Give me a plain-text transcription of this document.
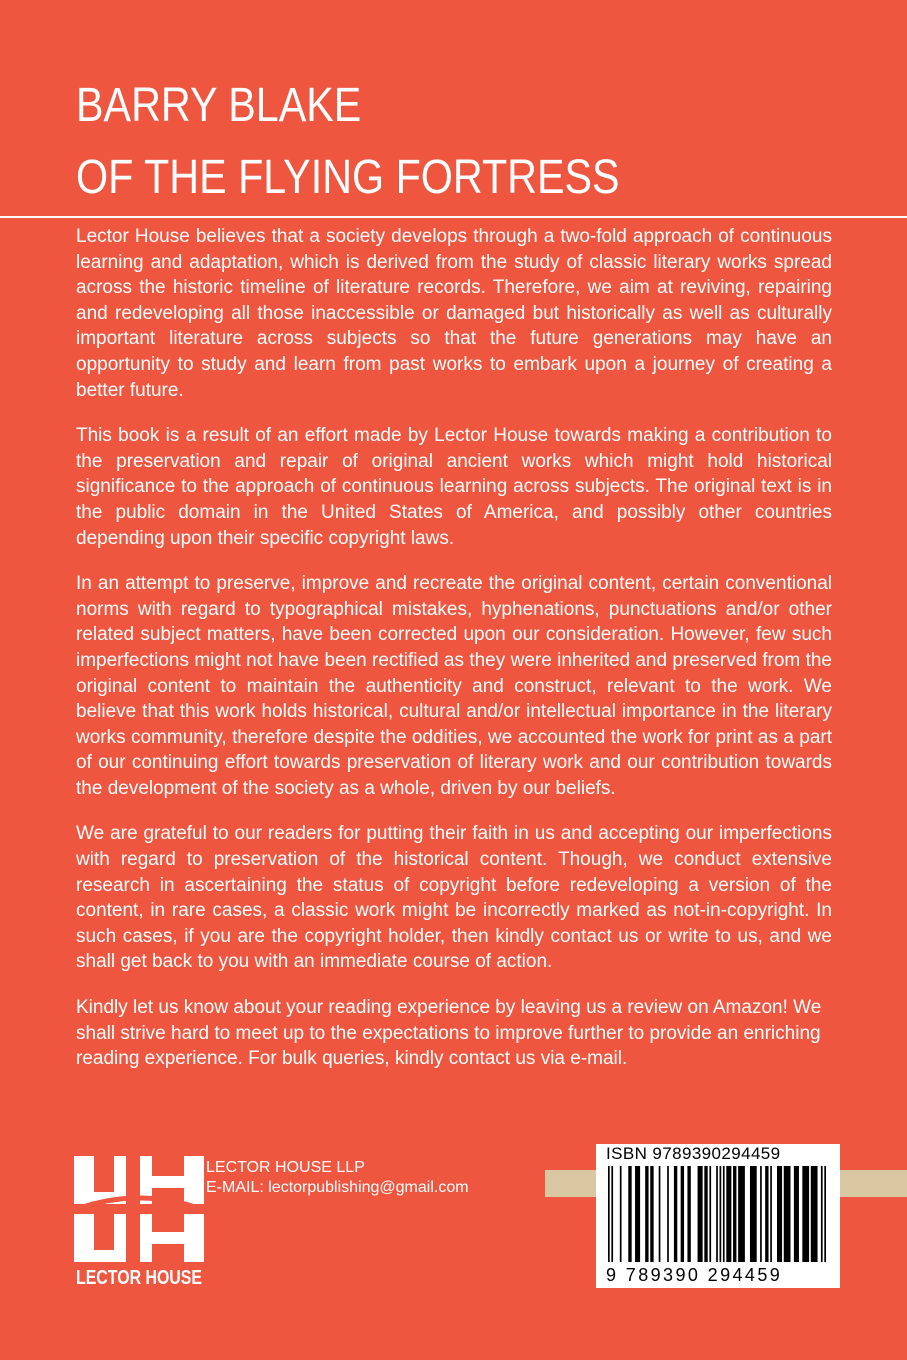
BARRY BLAKE
OF THE FLYING FORTRESS

Lector House believes that a society develops through a two-fold approach of continuous learning and adaptation, which is derived from the study of classic literary works spread across the historic timeline of literature records. Therefore, we aim at reviving, repairing and redeveloping all those inaccessible or damaged but historically as well as culturally important literature across subjects so that the future generations may have an opportunity to study and learn from past works to embark upon a journey of creating a better future.

This book is a result of an effort made by Lector House towards making a contribution to the preservation and repair of original ancient works which might hold historical significance to the approach of continuous learning across subjects. The original text is in the public domain in the United States of America, and possibly other countries depending upon their specific copyright laws.

In an attempt to preserve, improve and recreate the original content, certain conventional norms with regard to typographical mistakes, hyphenations, punctuations and/or other related subject matters, have been corrected upon our consideration. However, few such imperfections might not have been rectified as they were inherited and preserved from the original content to maintain the authenticity and construct, relevant to the work. We believe that this work holds historical, cultural and/or intellectual importance in the literary works community, therefore despite the oddities, we accounted the work for print as a part of our continuing effort towards preservation of literary work and our contribution towards the development of the society as a whole, driven by our beliefs.

We are grateful to our readers for putting their faith in us and accepting our imperfections with regard to preservation of the historical content. Though, we conduct extensive research in ascertaining the status of copyright before redeveloping a version of the content, in rare cases, a classic work might be incorrectly marked as not-in-copyright. In such cases, if you are the copyright holder, then kindly contact us or write to us, and we shall get back to you with an immediate course of action.

Kindly let us know about your reading experience by leaving us a review on Amazon! We shall strive hard to meet up to the expectations to improve further to provide an enriching reading experience. For bulk queries, kindly contact us via e-mail.

LECTOR HOUSE
LECTOR HOUSE LLP
E-MAIL: lectorpublishing@gmail.com
ISBN 9789390294459
9 789390 294459
